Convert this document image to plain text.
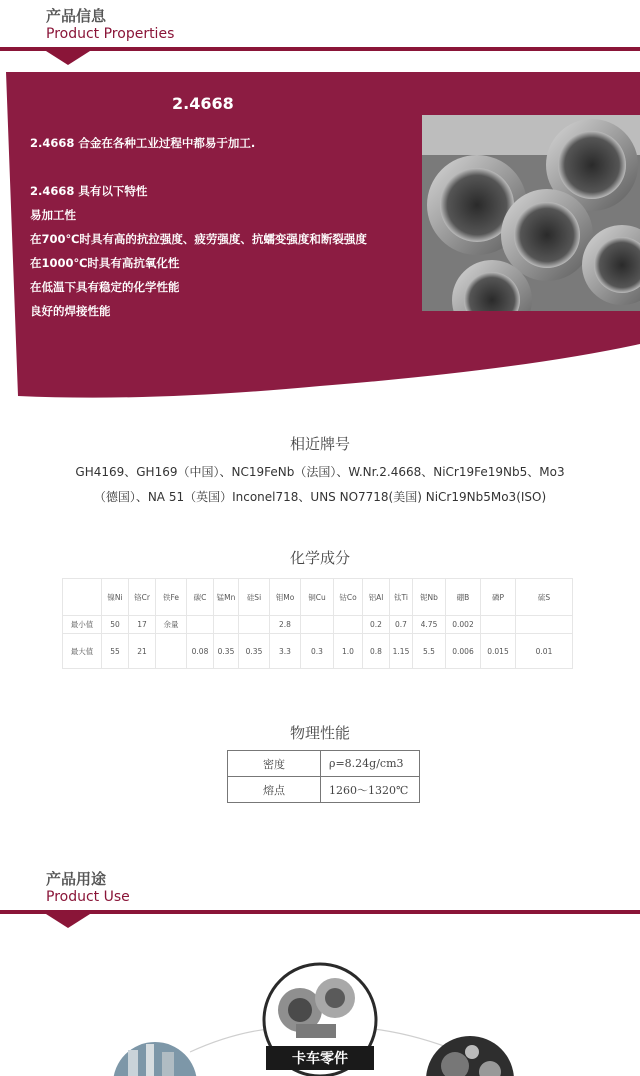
产品信息
Product Properties
2.4668
2.4668 合金在各种工业过程中都易于加工.
2.4668 具有以下特性
易加工性
在700℃时具有高的抗拉强度、疲劳强度、抗蠕变强度和断裂强度
在1000℃时具有高抗氧化性
在低温下具有稳定的化学性能
良好的焊接性能
相近牌号
GH4169、GH169（中国）、NC19FeNb（法国）、W.Nr.2.4668、NiCr19Fe19Nb5、Mo3
（德国）、NA 51（英国）Inconel718、UNS NO7718(美国) NiCr19Nb5Mo3(ISO)
化学成分
	镍Ni	铬Cr	铁Fe	碳C	锰Mn	硅Si	钼Mo	铜Cu	钴Co	铝Al	钛Ti	铌Nb	硼B	磷P	硫S
最小值	50	17	余量				2.8			0.2	0.7	4.75	0.002		
最大值	55	21		0.08	0.35	0.35	3.3	0.3	1.0	0.8	1.15	5.5	0.006	0.015	0.01
物理性能
密度	ρ=8.24g/cm3
熔点	1260～1320℃
产品用途
Product Use
卡车零件
